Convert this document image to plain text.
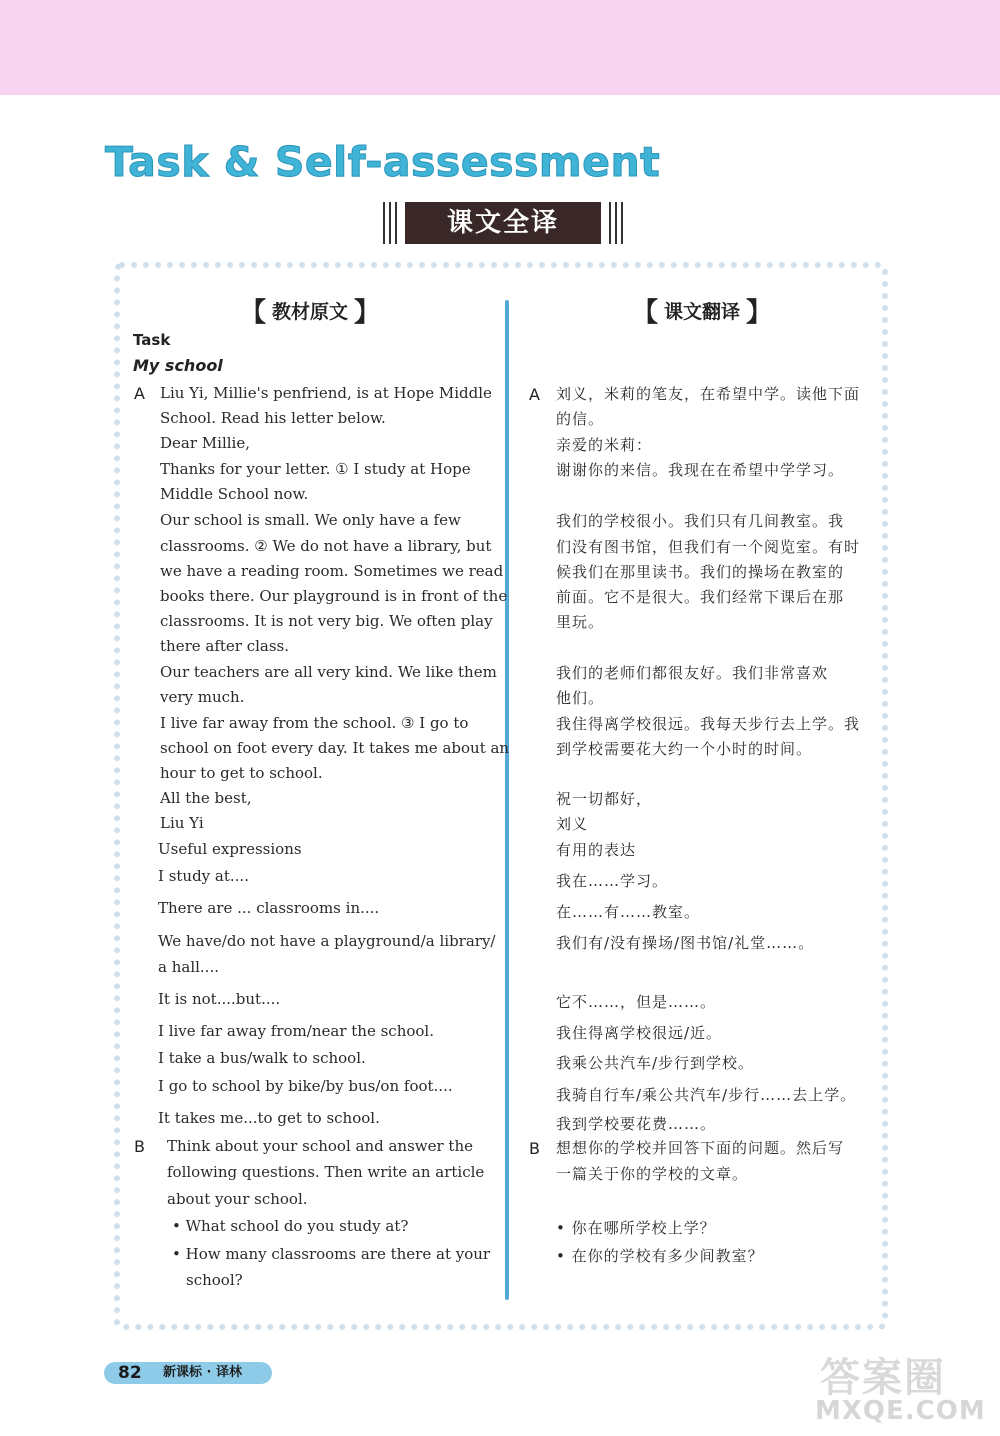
Task & Self-assessment
课文全译
【 教材原文 】	【 课文翻译 】
Task
My school
Liu Yi, Millie's penfriend, is at Hope Middle
School. Read his letter below.
Dear Millie,
Thanks for your letter. ① I study at Hope
Middle School now.
Our school is small. We only have a few
classrooms. ② We do not have a library, but
we have a reading room. Sometimes we read
books there. Our playground is in front of the
classrooms. It is not very big. We often play
there after class.
Our teachers are all very kind. We like them
very much.
I live far away from the school. ③ I go to
school on foot every day. It takes me about an
hour to get to school.
All the best,
Liu Yi
Useful expressions
I study at....
There are ... classrooms in....
We have/do not have a playground/a library/
a hall....
It is not....but....
I live far away from/near the school.
I take a bus/walk to school.
I go to school by bike/by bus/on foot....
It takes me...to get to school.
Think about your school and answer the
following questions. Then write an article
about your school.
• What school do you study at?
• How many classrooms are there at your
school?
刘义，米莉的笔友，在希望中学。读他下面
的信。
亲爱的米莉：
谢谢你的来信。我现在在希望中学学习。
我们的学校很小。我们只有几间教室。我
们没有图书馆，但我们有一个阅览室。有时
候我们在那里读书。我们的操场在教室的
前面。它不是很大。我们经常下课后在那
里玩。
我们的老师们都很友好。我们非常喜欢
他们。
我住得离学校很远。我每天步行去上学。我
到学校需要花大约一个小时的时间。
祝一切都好，
刘义
有用的表达
我在……学习。
在……有……教室。
我们有/没有操场/图书馆/礼堂……。
它不……，但是……。
我住得离学校很远/近。
我乘公共汽车/步行到学校。
我骑自行车/乘公共汽车/步行……去上学。
我到学校要花费……。
想想你的学校并回答下面的问题。然后写
一篇关于你的学校的文章。
• 你在哪所学校上学？
• 在你的学校有多少间教室？
A
B
A
B
82 新课标 · 译林	答案圈
MXQE.COM
